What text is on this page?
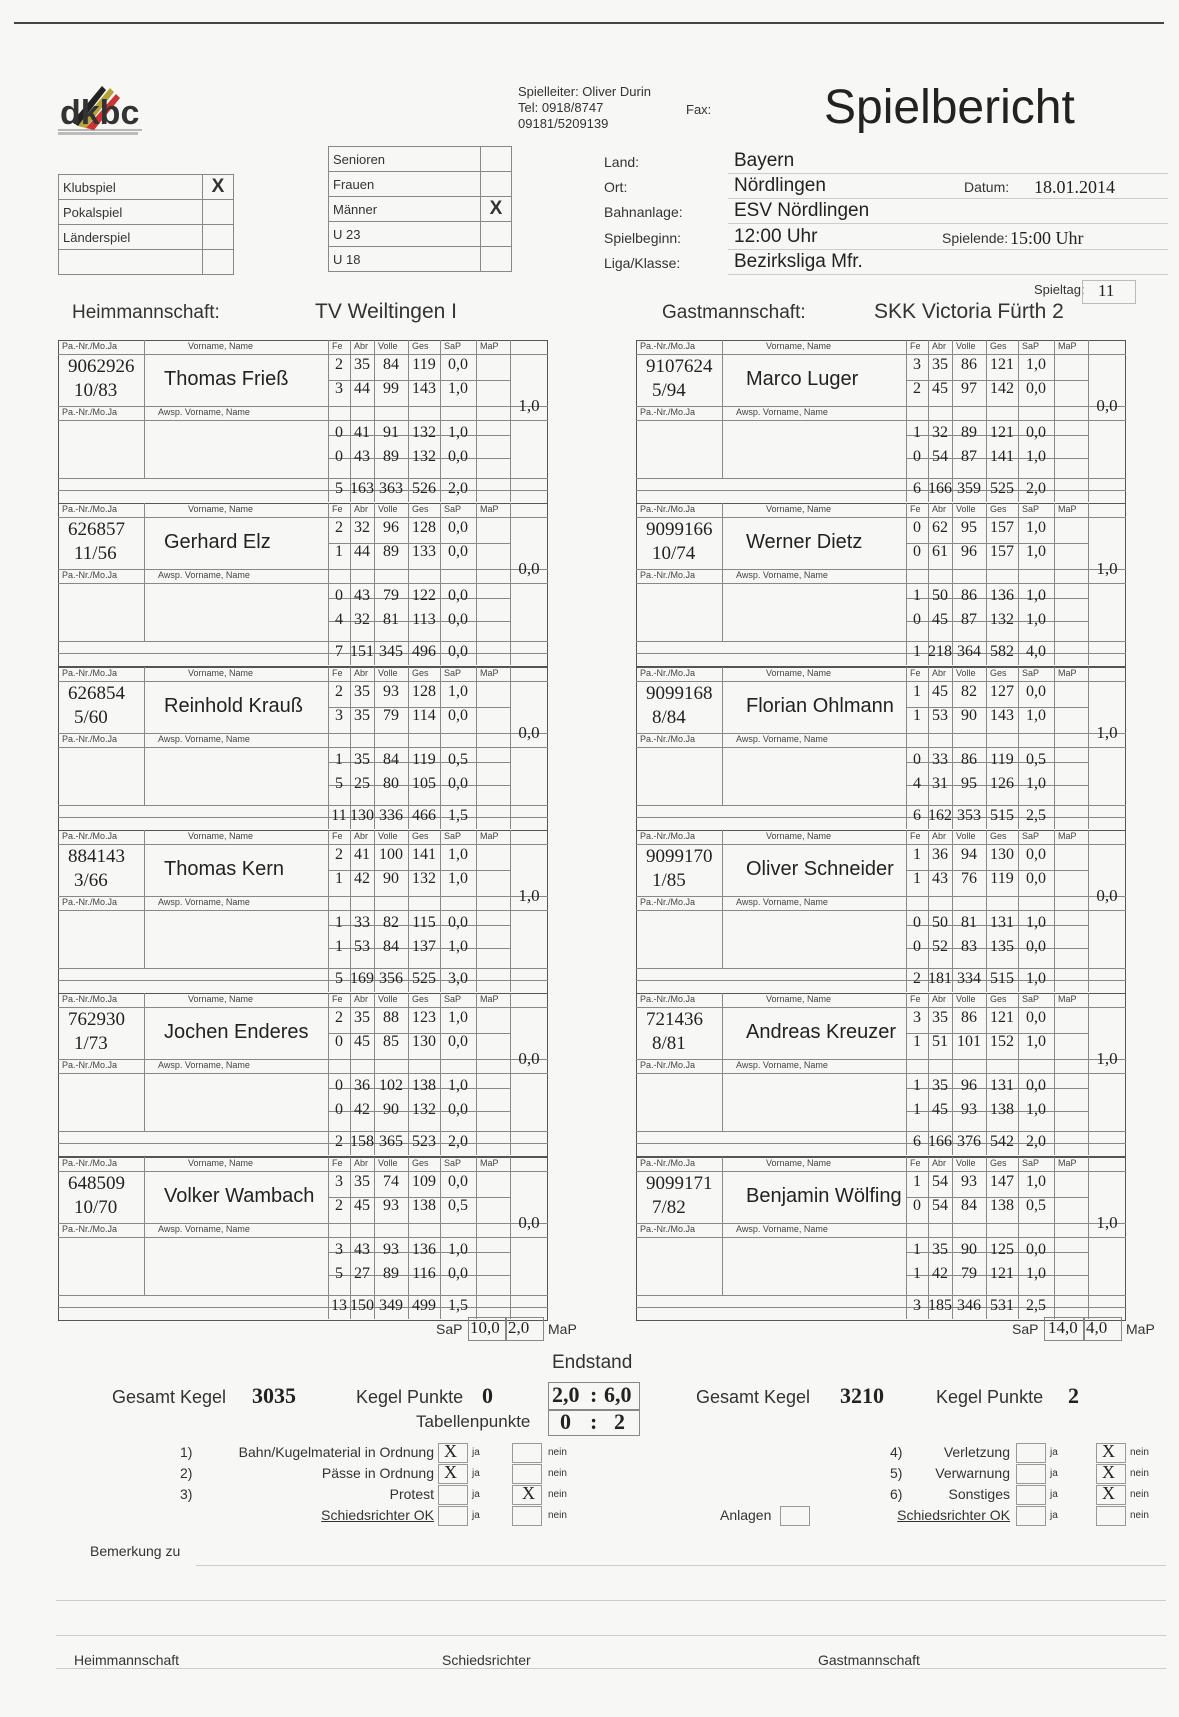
dkbc
Spielleiter: Oliver Durin
Tel: 0918/8747
09181/5209139
Fax: Spielbericht
Klubspiel	X
Pokalspiel	
Länderspiel	

Senioren	
Frauen	
Männer	X
U 23	
U 18	
Land:	Bayern
Ort:	Nördlingen
Bahnanlage:	ESV Nördlingen
Spielbeginn:	12:00 Uhr
Liga/Klasse:	Bezirksliga Mfr.
Datum: 18.01.2014
Spielende: 15:00 Uhr
Heimmannschaft:	TV Weiltingen I	Gastmannschaft:	SKK Victoria Fürth 2
Spieltag: 11
Pa.-Nr./Mo.Ja	Vorname, Name	Fe Abr Volle Ges SaP MaP
Pa.-Nr./Mo.Ja	Awsp. Vorname, Name
9062926
10/83
Thomas Frieß
2 35 84 119 0,0
3 44 99 143 1,0
0 41 91 132 1,0
0 43 89 132 0,0
5 163 363 526 2,0
1,0
Pa.-Nr./Mo.Ja	Vorname, Name	Fe Abr Volle Ges SaP MaP
Pa.-Nr./Mo.Ja	Awsp. Vorname, Name
626857
11/56
Gerhard Elz
2 32 96 128 0,0
1 44 89 133 0,0
0 43 79 122 0,0
4 32 81 113 0,0
7 151 345 496 0,0
0,0
Pa.-Nr./Mo.Ja	Vorname, Name	Fe Abr Volle Ges SaP MaP
Pa.-Nr./Mo.Ja	Awsp. Vorname, Name
626854
5/60
Reinhold Krauß
2 35 93 128 1,0
3 35 79 114 0,0
1 35 84 119 0,5
5 25 80 105 0,0
11 130 336 466 1,5
0,0
Pa.-Nr./Mo.Ja	Vorname, Name	Fe Abr Volle Ges SaP MaP
Pa.-Nr./Mo.Ja	Awsp. Vorname, Name
884143
3/66
Thomas Kern
2 41 100 141 1,0
1 42 90 132 1,0
1 33 82 115 0,0
1 53 84 137 1,0
5 169 356 525 3,0
1,0
Pa.-Nr./Mo.Ja	Vorname, Name	Fe Abr Volle Ges SaP MaP
Pa.-Nr./Mo.Ja	Awsp. Vorname, Name
762930
1/73
Jochen Enderes
2 35 88 123 1,0
0 45 85 130 0,0
0 36 102 138 1,0
0 42 90 132 0,0
2 158 365 523 2,0
0,0
Pa.-Nr./Mo.Ja	Vorname, Name	Fe Abr Volle Ges SaP MaP
Pa.-Nr./Mo.Ja	Awsp. Vorname, Name
648509
10/70
Volker Wambach
3 35 74 109 0,0
2 45 93 138 0,5
3 43 93 136 1,0
5 27 89 116 0,0
13 150 349 499 1,5
0,0
Pa.-Nr./Mo.Ja	Vorname, Name	Fe Abr Volle Ges SaP MaP
Pa.-Nr./Mo.Ja	Awsp. Vorname, Name
9107624
5/94
Marco Luger
3 35 86 121 1,0
2 45 97 142 0,0
1 32 89 121 0,0
0 54 87 141 1,0
6 166 359 525 2,0
0,0
Pa.-Nr./Mo.Ja	Vorname, Name	Fe Abr Volle Ges SaP MaP
Pa.-Nr./Mo.Ja	Awsp. Vorname, Name
9099166
10/74
Werner Dietz
0 62 95 157 1,0
0 61 96 157 1,0
1 50 86 136 1,0
0 45 87 132 1,0
1 218 364 582 4,0
1,0
Pa.-Nr./Mo.Ja	Vorname, Name	Fe Abr Volle Ges SaP MaP
Pa.-Nr./Mo.Ja	Awsp. Vorname, Name
9099168
8/84
Florian Ohlmann
1 45 82 127 0,0
1 53 90 143 1,0
0 33 86 119 0,5
4 31 95 126 1,0
6 162 353 515 2,5
1,0
Pa.-Nr./Mo.Ja	Vorname, Name	Fe Abr Volle Ges SaP MaP
Pa.-Nr./Mo.Ja	Awsp. Vorname, Name
9099170
1/85
Oliver Schneider
1 36 94 130 0,0
1 43 76 119 0,0
0 50 81 131 1,0
0 52 83 135 0,0
2 181 334 515 1,0
0,0
Pa.-Nr./Mo.Ja	Vorname, Name	Fe Abr Volle Ges SaP MaP
Pa.-Nr./Mo.Ja	Awsp. Vorname, Name
721436
8/81
Andreas Kreuzer
3 35 86 121 0,0
1 51 101 152 1,0
1 35 96 131 0,0
1 45 93 138 1,0
6 166 376 542 2,0
1,0
Pa.-Nr./Mo.Ja	Vorname, Name	Fe Abr Volle Ges SaP MaP
Pa.-Nr./Mo.Ja	Awsp. Vorname, Name
9099171
7/82
Benjamin Wölfing
1 54 93 147 1,0
0 54 84 138 0,5
1 35 90 125 0,0
1 42 79 121 1,0
3 185 346 531 2,5
1,0
SaP 10,0 2,0 MaP	SaP 14,0 4,0 MaP
Endstand
Gesamt Kegel 3035	Kegel Punkte 0	2,0 : 6,0	Gesamt Kegel 3210	Kegel Punkte 2
Tabellenpunkte 0 : 2
1)	Bahn/Kugelmaterial in Ordnung X ja	nein
2)	Pässe in Ordnung X ja	nein
3)	Protest	ja X nein
Schiedsrichter OK	ja	nein
4)	Verletzung	ja X nein
5) Verwarnung	ja X nein
6)	Sonstiges	ja X nein
Schiedsrichter OK	ja	nein
Anlagen
Bemerkung zu
Heimmannschaft	Schiedsrichter	Gastmannschaft
